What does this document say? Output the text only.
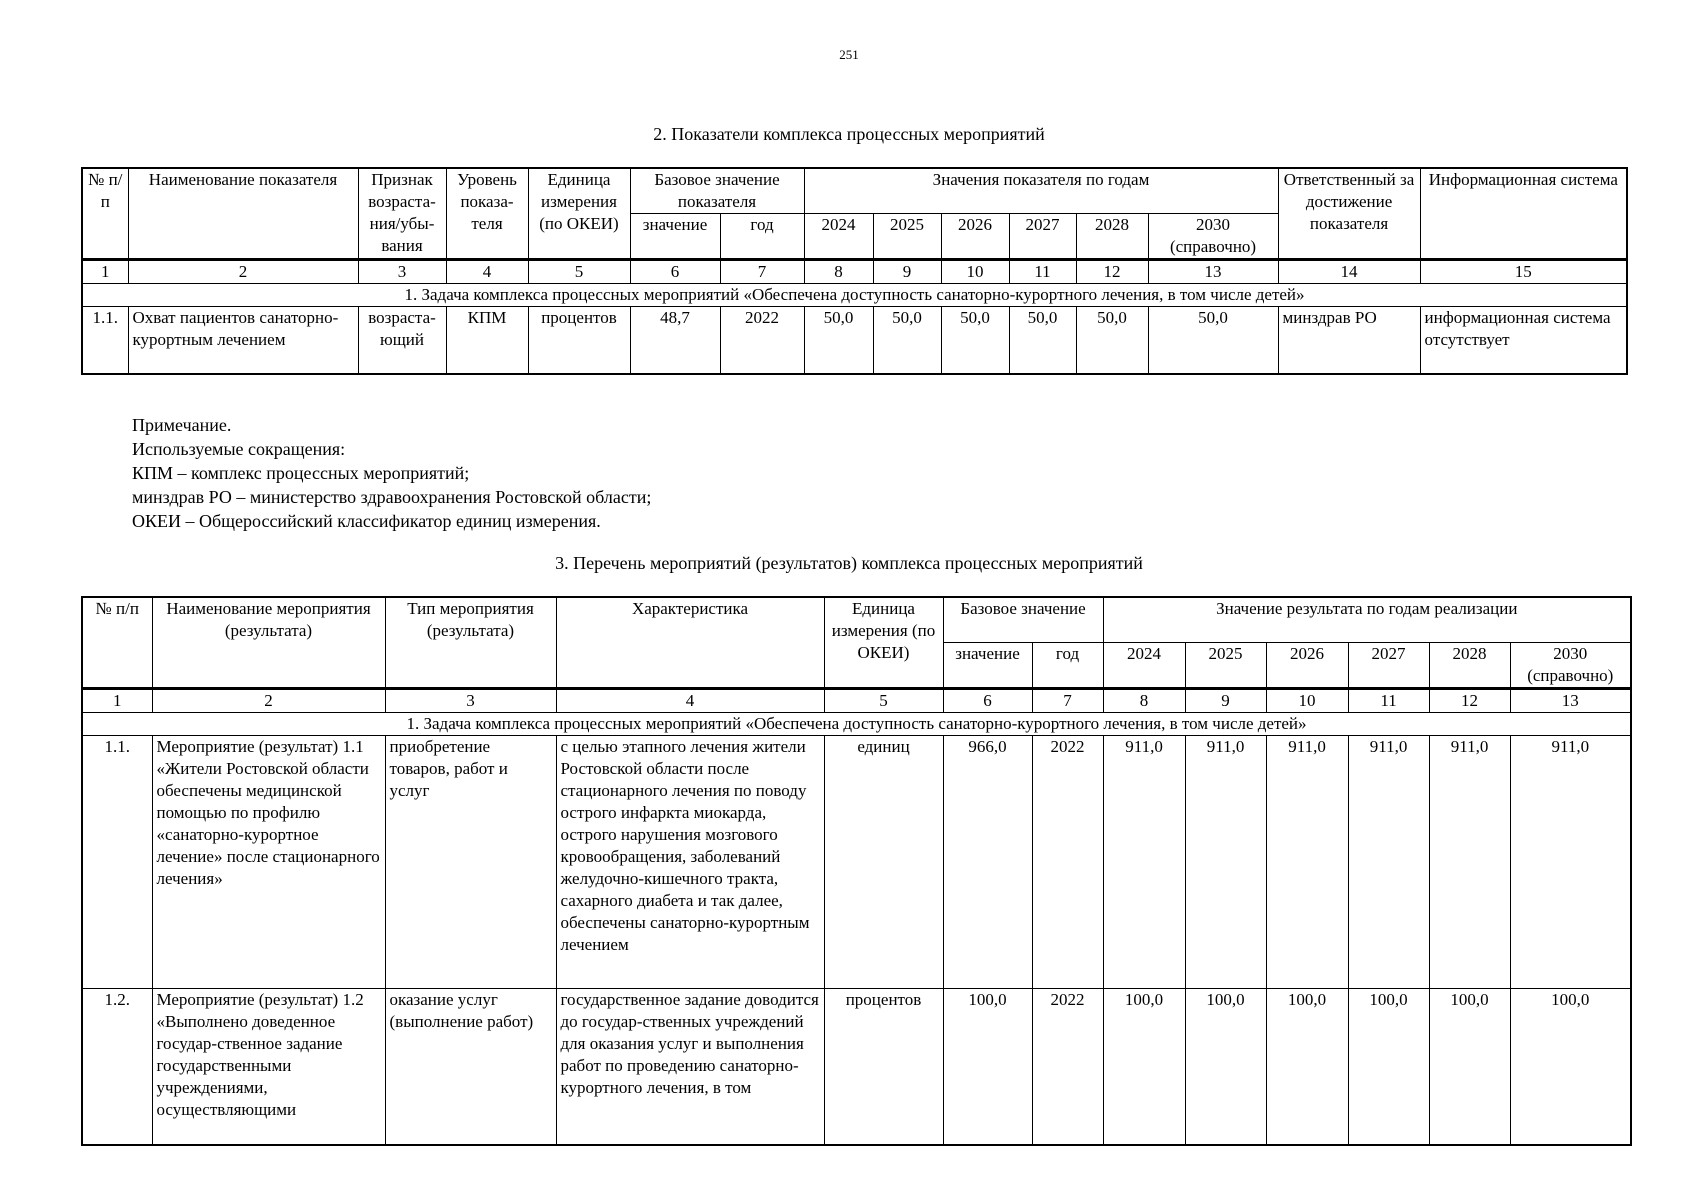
251
2. Показатели комплекса процессных мероприятий
№ п/п	Наименование показателя	Признак возраста-ния/убы-вания	Уровень показа-теля	Единица измерения (по ОКЕИ)	Базовое значение показателя		Значения показателя по годам						Ответственный за достижение показателя	Информационная система
					значение	год	2024	2025	2026	2027	2028	2030 (справочно)		
1	2	3	4	5	6	7	8	9	10	11	12	13	14	15
1. Задача комплекса процессных мероприятий «Обеспечена доступность санаторно-курортного лечения, в том числе детей»														
1.1.	Охват пациентов санаторно-курортным лечением	возраста-ющий	КПМ	процентов	48,7	2022	50,0	50,0	50,0	50,0	50,0	50,0	минздрав РО	информационная система отсутствует
Примечание.
Используемые сокращения:
КПМ – комплекс процессных мероприятий;
минздрав РО – министерство здравоохранения Ростовской области;
ОКЕИ – Общероссийский классификатор единиц измерения.
3. Перечень мероприятий (результатов) комплекса процессных мероприятий
№ п/п	Наименование мероприятия (результата)	Тип мероприятия (результата)	Характеристика	Единица измерения (по ОКЕИ)	Базовое значение		Значение результата по годам реализации					
					значение	год	2024	2025	2026	2027	2028	2030 (справочно)
1	2	3	4	5	6	7	8	9	10	11	12	13
1. Задача комплекса процессных мероприятий «Обеспечена доступность санаторно-курортного лечения, в том числе детей»												
1.1.	Мероприятие (результат) 1.1 «Жители Ростовской области обеспечены медицинской помощью по профилю «санаторно-курортное лечение» после стационарного лечения»	приобретение товаров, работ и услуг	с целью этапного лечения жители Ростовской области после стационарного лечения по поводу острого инфаркта миокарда, острого нарушения мозгового кровообращения, заболеваний желудочно-кишечного тракта, сахарного диабета и так далее, обеспечены санаторно-курортным лечением	единиц	966,0	2022	911,0	911,0	911,0	911,0	911,0	911,0
1.2.	Мероприятие (результат) 1.2 «Выполнено доведенное государ-ственное задание государственными учреждениями, осуществляющими	оказание услуг (выполнение работ)	государственное задание доводится до государ-ственных учреждений для оказания услуг и выполнения работ по проведению санаторно-курортного лечения, в том	процентов	100,0	2022	100,0	100,0	100,0	100,0	100,0	100,0
